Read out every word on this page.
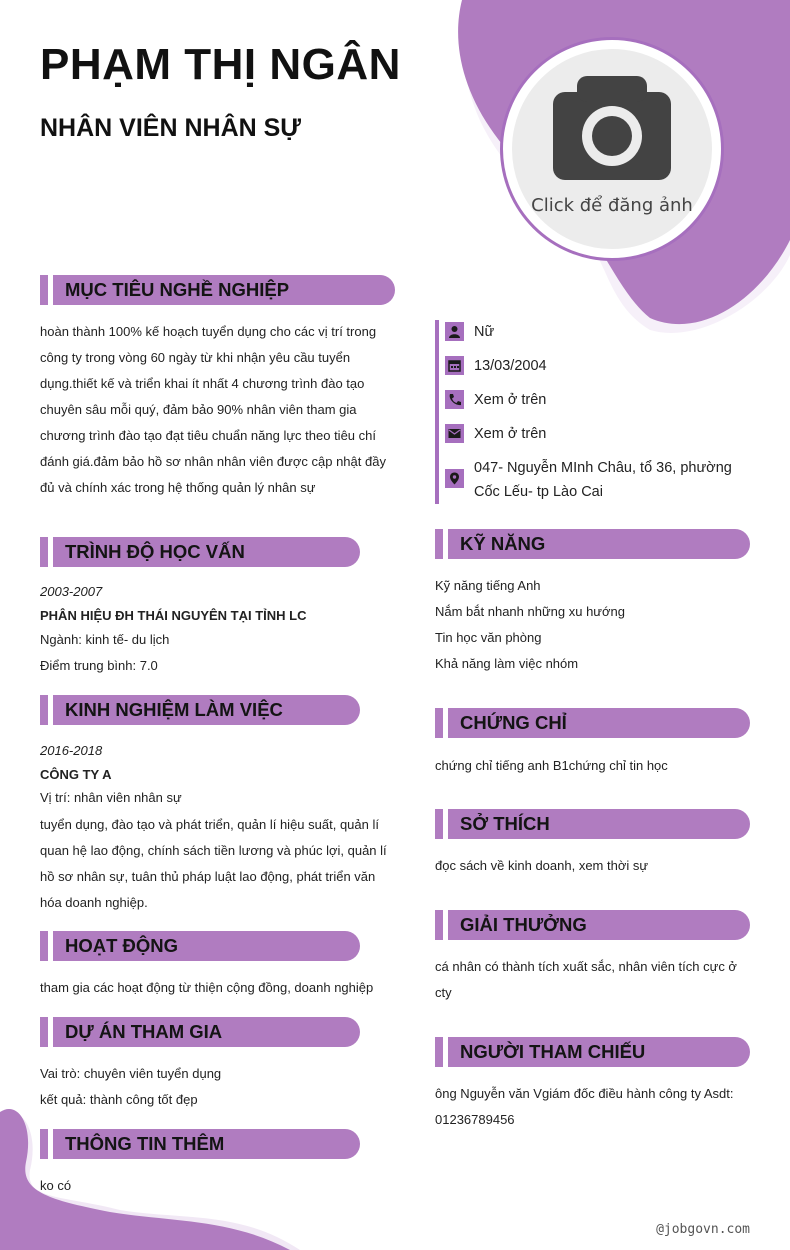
PHẠM THỊ NGÂN
NHÂN VIÊN NHÂN SỰ
Click để đăng ảnh
MỤC TIÊU NGHỀ NGHIỆP
hoàn thành 100% kế hoạch tuyển dụng cho các vị trí trong
công ty trong vòng 60 ngày từ khi nhận yêu cầu tuyển
dụng.thiết kế và triển khai ít nhất 4 chương trình đào tạo
chuyên sâu mỗi quý, đảm bảo 90% nhân viên tham gia
chương trình đào tạo đạt tiêu chuẩn năng lực theo tiêu chí
đánh giá.đảm bảo hồ sơ nhân nhân viên được cập nhật đầy
đủ và chính xác trong hệ thống quản lý nhân sự
TRÌNH ĐỘ HỌC VẤN
2003-2007
PHÂN HIỆU ĐH THÁI NGUYÊN TẠI TỈNH LC
Ngành: kinh tế- du lịch
Điểm trung bình: 7.0
KINH NGHIỆM LÀM VIỆC
2016-2018
CÔNG TY A
Vị trí: nhân viên nhân sự
tuyển dụng, đào tạo và phát triển, quản lí hiệu suất, quản lí quan hệ lao động, chính sách tiền lương và phúc lợi, quản lí hồ sơ nhân sự, tuân thủ pháp luật lao động, phát triển văn hóa doanh nghiệp.
HOẠT ĐỘNG
tham gia các hoạt động từ thiện cộng đồng, doanh nghiệp
DỰ ÁN THAM GIA
Vai trò: chuyên viên tuyển dụng
kết quả: thành công tốt đẹp
THÔNG TIN THÊM
ko có
Nữ
13/03/2004
Xem ở trên
Xem ở trên
047- Nguyễn MInh Châu, tổ 36, phường Cốc Lếu- tp Lào Cai
KỸ NĂNG
Kỹ năng tiếng Anh
Nắm bắt nhanh những xu hướng
Tin học văn phòng
Khả năng làm việc nhóm
CHỨNG CHỈ
chứng chỉ tiếng anh B1chứng chỉ tin học
SỞ THÍCH
đọc sách về kinh doanh, xem thời sự
GIẢI THƯỞNG
cá nhân có thành tích xuất sắc, nhân viên tích cực ở
cty
NGƯỜI THAM CHIẾU
ông Nguyễn văn Vgiám đốc điều hành công ty Asdt:
01236789456
@jobgovn.com
